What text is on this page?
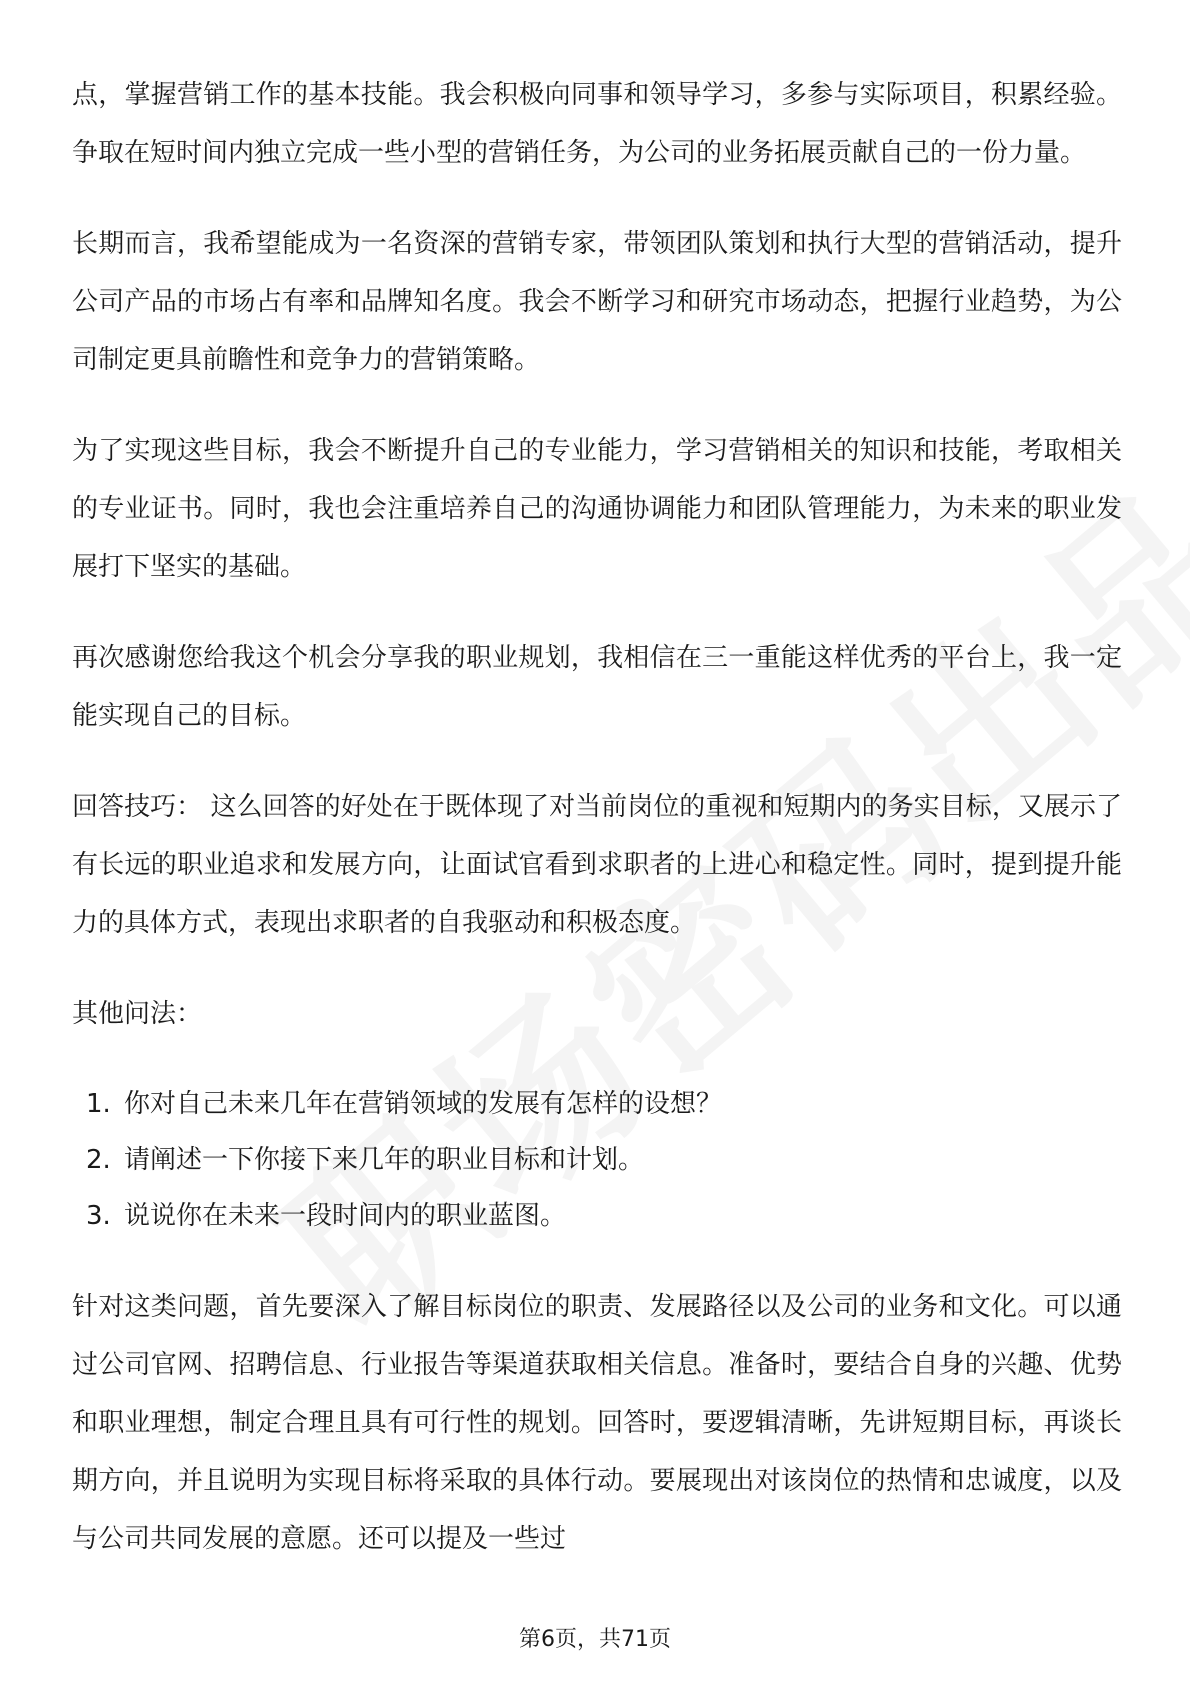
点，掌握营销工作的基本技能。我会积极向同事和领导学习，多参与实际项目，积累经验。争取在短时间内独立完成一些小型的营销任务，为公司的业务拓展贡献自己的一份力量。

长期而言，我希望能成为一名资深的营销专家，带领团队策划和执行大型的营销活动，提升公司产品的市场占有率和品牌知名度。我会不断学习和研究市场动态，把握行业趋势，为公司制定更具前瞻性和竞争力的营销策略。

为了实现这些目标，我会不断提升自己的专业能力，学习营销相关的知识和技能，考取相关的专业证书。同时，我也会注重培养自己的沟通协调能力和团队管理能力，为未来的职业发展打下坚实的基础。

再次感谢您给我这个机会分享我的职业规划，我相信在三一重能这样优秀的平台上，我一定能实现自己的目标。

回答技巧： 这么回答的好处在于既体现了对当前岗位的重视和短期内的务实目标，又展示了有长远的职业追求和发展方向，让面试官看到求职者的上进心和稳定性。同时，提到提升能力的具体方式，表现出求职者的自我驱动和积极态度。

其他问法：

1. 你对自己未来几年在营销领域的发展有怎样的设想？
2. 请阐述一下你接下来几年的职业目标和计划。
3. 说说你在未来一段时间内的职业蓝图。

针对这类问题，首先要深入了解目标岗位的职责、发展路径以及公司的业务和文化。可以通过公司官网、招聘信息、行业报告等渠道获取相关信息。准备时，要结合自身的兴趣、优势和职业理想，制定合理且具有可行性的规划。回答时，要逻辑清晰，先讲短期目标，再谈长期方向，并且说明为实现目标将采取的具体行动。要展现出对该岗位的热情和忠诚度，以及与公司共同发展的意愿。还可以提及一些过

第6页，共71页
